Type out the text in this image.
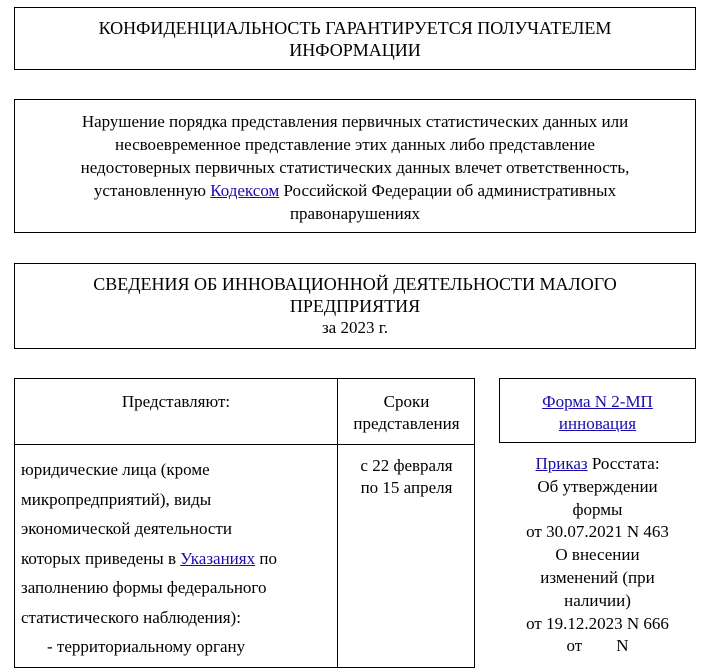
КОНФИДЕНЦИАЛЬНОСТЬ ГАРАНТИРУЕТСЯ ПОЛУЧАТЕЛЕМ
ИНФОРМАЦИИ
Нарушение порядка представления первичных статистических данных или
несвоевременное представление этих данных либо представление
недостоверных первичных статистических данных влечет ответственность,
установленную Кодексом Российской Федерации об административных
правонарушениях
СВЕДЕНИЯ ОБ ИННОВАЦИОННОЙ ДЕЯТЕЛЬНОСТИ МАЛОГО
ПРЕДПРИЯТИЯ
за 2023 г.
Представляют:	Сроки
представления
юридические лица (кроме
микропредприятий), виды
экономической деятельности
которых приведены в Указаниях по
заполнению формы федерального
статистического наблюдения):
- территориальному органу
с 22 февраля
по 15 апреля
Форма N 2-МП
инновация
Приказ Росстата:
Об утверждении
формы
от 30.07.2021 N 463
О внесении
изменений (при
наличии)
от 19.12.2023 N 666
от        N
